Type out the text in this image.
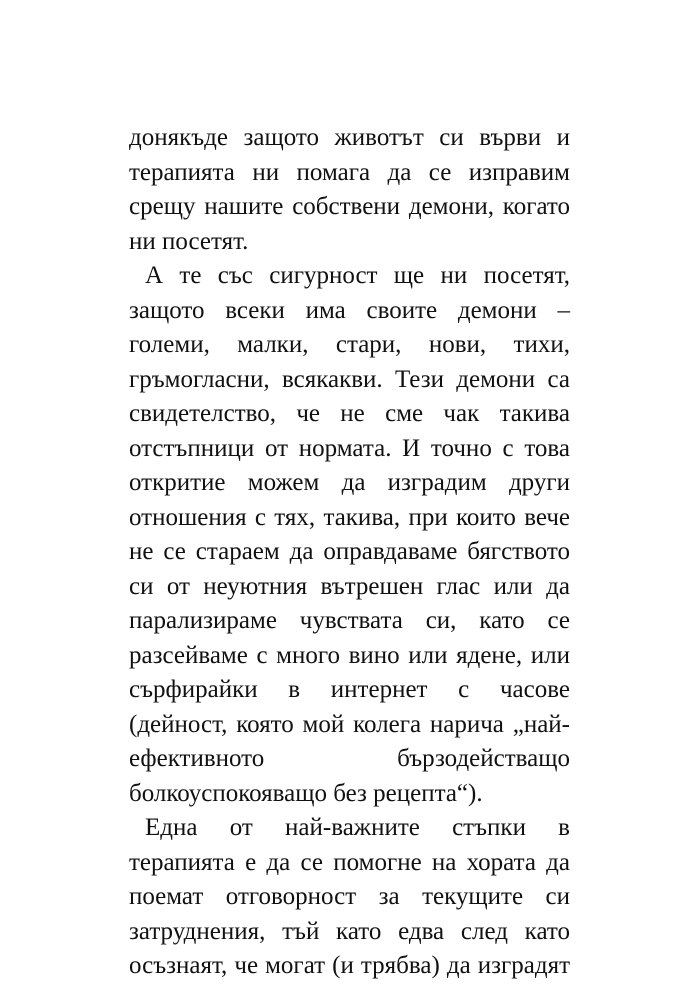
донякъде защото животът си върви и
терапията ни помага да се изправим
срещу нашите собствени демони, когато
ни посетят.
А те със сигурност ще ни посетят,
защото всеки има своите демони –
големи, малки, стари, нови, тихи,
гръмогласни, всякакви. Тези демони са
свидетелство, че не сме чак такива
отстъпници от нормата. И точно с това
откритие можем да изградим други
отношения с тях, такива, при които вече
не се стараем да оправдаваме бягството
си от неуютния вътрешен глас или да
парализираме чувствата си, като се
разсейваме с много вино или ядене, или
сърфирайки в интернет с часове
(дейност, която мой колега нарича „най-
ефективното бързодействащо
болкоуспокояващо без рецепта“).
Една от най-важните стъпки в
терапията е да се помогне на хората да
поемат отговорност за текущите си
затруднения, тъй като едва след като
осъзнаят, че могат (и трябва) да изградят
